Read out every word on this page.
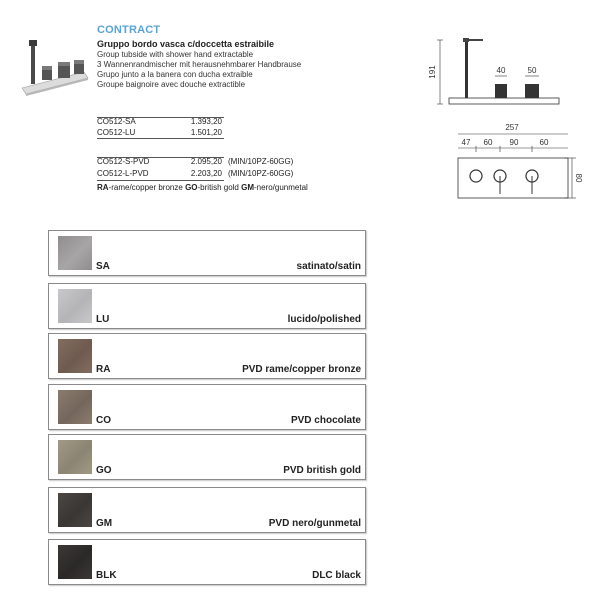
CONTRACT
Gruppo bordo vasca c/doccetta estraibile
Group tubside with shower hand extractable
3 Wannenrandmischer mit herausnehmbarer Handbrause
Grupo junto a la banera con ducha extraible
Groupe baignoire avec douche extractible
CO512-SA	1.393,20
CO512-LU	1.501,20
CO512-S-PVD	2.095,20 (MIN/10PZ-60GG)
CO512-L-PVD	2.203,20 (MIN/10PZ-60GG)
RA-rame/copper bronze GO-british gold GM-nero/gunmetal
191	40	50
257
47 60 90	60
80
SA	satinato/satin
LU	lucido/polished
RA	PVD rame/copper bronze
CO	PVD chocolate
GO	PVD british gold
GM	PVD nero/gunmetal
BLK	DLC black
